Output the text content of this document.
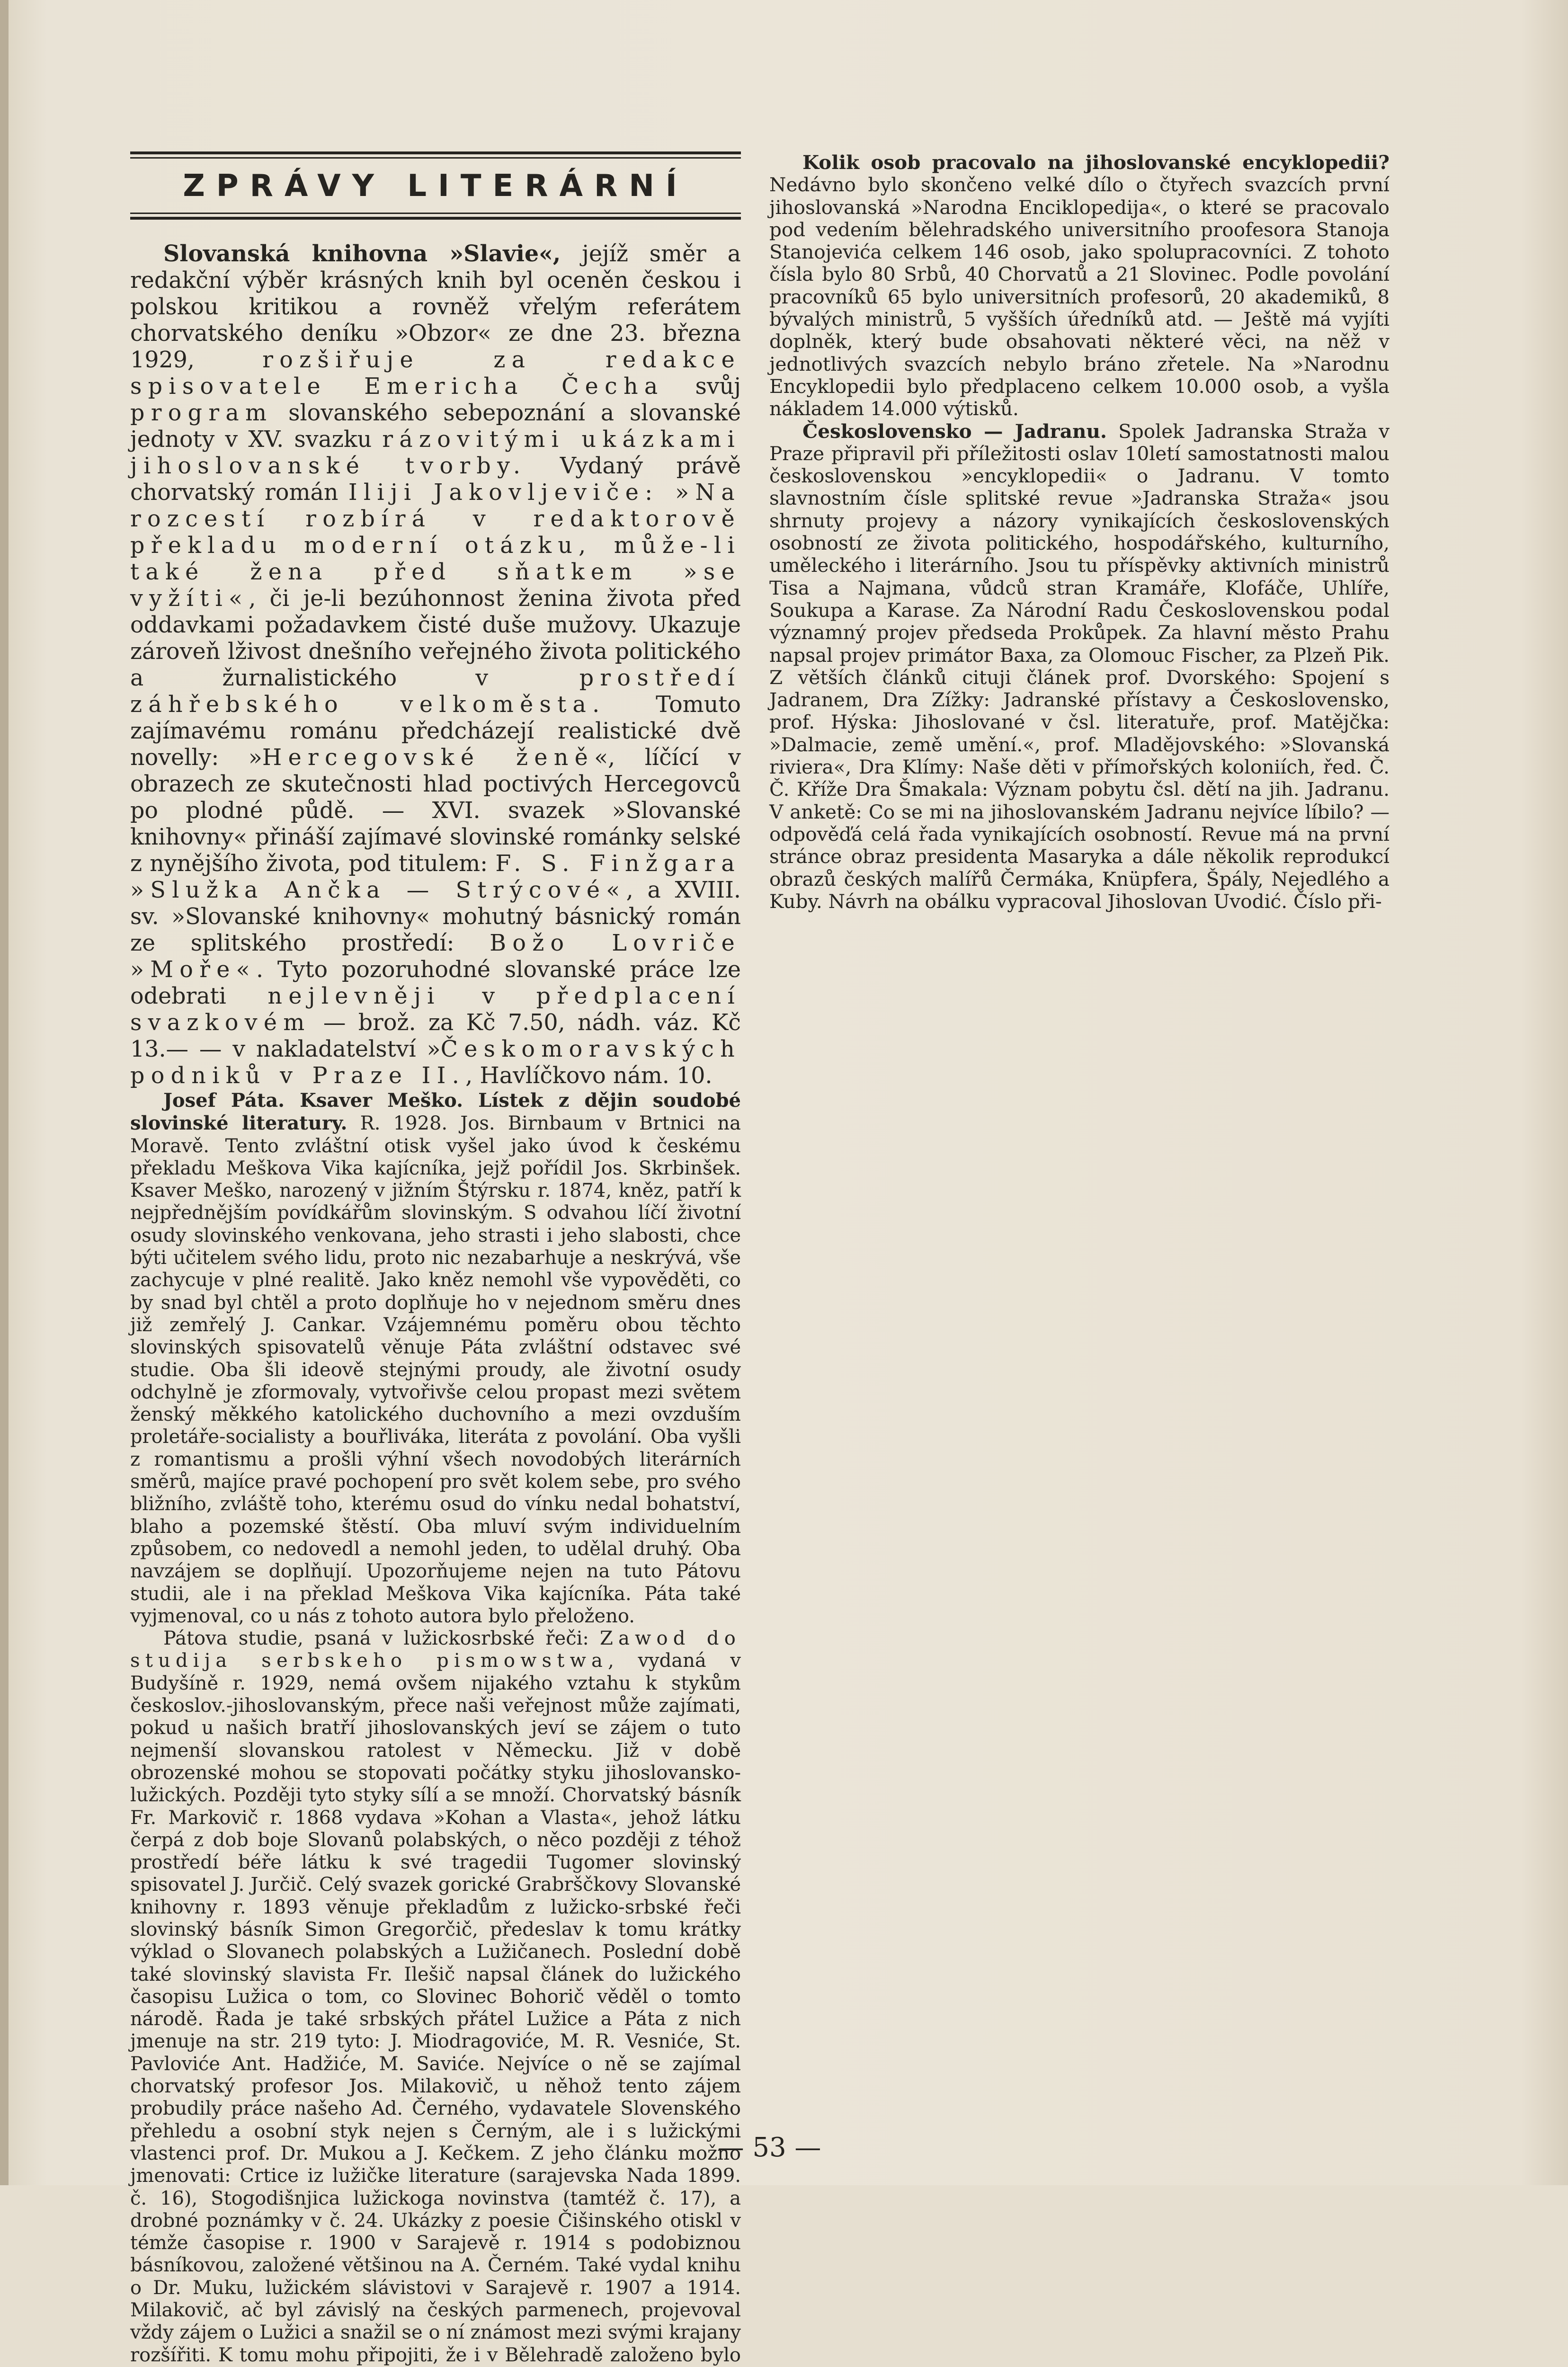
ZPRÁVY LITERÁRNÍ

Slovanská knihovna »Slavie«, jejíž směr a redakční výběr krásných knih byl oceněn českou i polskou kritikou a rovněž vřelým referátem chorvatského deníku »Obzor« ze dne 23. března 1929, rozšiřuje za redakce spisovatele Emericha Čecha svůj program slovanského sebepoznání a slovanské jednoty v XV. svazku rázovitými ukázkami jihoslovanské tvorby. Vydaný právě chorvatský román Iliji Jakovljeviče: »Na rozcestí rozbírá v redaktorově překladu moderní otázku, může-li také žena před sňatkem »se vyžíti«, či je-li bezúhonnost ženina života před oddavkami požadavkem čisté duše mužovy. Ukazuje zároveň lživost dnešního veřejného života politického a žurnalistického v prostředí záhřebského velkoměsta. Tomuto zajímavému románu předcházejí realistické dvě novelly: »Hercegovské ženě«, líčící v obrazech ze skutečnosti hlad poctivých Hercegovců po plodné půdě. — XVI. svazek »Slovanské knihovny« přináší zajímavé slovinské románky selské z nynějšího života, pod titulem: F. S. Finžgara »Služka Ančka — Strýcové«, a XVIII. sv. »Slovanské knihovny« mohutný básnický román ze splitského prostředí: Božo Lovriče »Moře«. Tyto pozoruhodné slovanské práce lze odebrati nejlevněji v předplacení svazkovém — brož. za Kč 7.50, nádh. váz. Kč 13.— — v nakladatelství »Českomoravských podniků v Praze II., Havlíčkovo nám. 10.

Josef Páta. Ksaver Meško. Lístek z dějin soudobé slovinské literatury. R. 1928. Jos. Birnbaum v Brtnici na Moravě. Tento zvláštní otisk vyšel jako úvod k českému překladu Meškova Vika kajícníka, jejž pořídil Jos. Skrbinšek. Ksaver Meško, narozený v jižním Štýrsku r. 1874, kněz, patří k nejpřednějším povídkářům slovinským. S odvahou líčí životní osudy slovinského venkovana, jeho strasti i jeho slabosti, chce býti učitelem svého lidu, proto nic nezabarhuje a neskrývá, vše zachycuje v plné realitě. Jako kněz nemohl vše vypověděti, co by snad byl chtěl a proto doplňuje ho v nejednom směru dnes již zemřelý J. Cankar. Vzájemnému poměru obou těchto slovinských spisovatelů věnuje Páta zvláštní odstavec své studie. Oba šli ideově stejnými proudy, ale životní osudy odchylně je zformovaly, vytvořivše celou propast mezi světem ženský měkkého katolického duchovního a mezi ovzduším proletáře-socialisty a bouřliváka, literáta z povolání. Oba vyšli z romantismu a prošli výhní všech novodobých literárních směrů, majíce pravé pochopení pro svět kolem sebe, pro svého bližního, zvláště toho, kterému osud do vínku nedal bohatství, blaho a pozemské štěstí. Oba mluví svým individuelním způsobem, co nedovedl a nemohl jeden, to udělal druhý. Oba navzájem se doplňují. Upozorňujeme nejen na tuto Pátovu studii, ale i na překlad Meškova Vika kajícníka. Páta také vyjmenoval, co u nás z tohoto autora bylo přeloženo.

Pátova studie, psaná v lužickosrbské řeči: Zawod do studija serbskeho pismowstwa, vydaná v Budyšíně r. 1929, nemá ovšem nijakého vztahu k stykům českoslov.-jihoslovanským, přece naši veřejnost může zajímati, pokud u našich bratří jihoslovanských jeví se zájem o tuto nejmenší slovanskou ratolest v Německu. Již v době obrozenské mohou se stopovati počátky styku jihoslovansko-lužických. Později tyto styky sílí a se množí. Chorvatský básník Fr. Markovič r. 1868 vydava »Kohan a Vlasta«, jehož látku čerpá z dob boje Slovanů polabských, o něco později z téhož prostředí béře látku k své tragedii Tugomer slovinský spisovatel J. Jurčič. Celý svazek gorické Grabrščkovy Slovanské knihovny r. 1893 věnuje překladům z lužicko-srbské řeči slovinský básník Simon Gregorčič, předeslav k tomu krátky výklad o Slovanech polabských a Lužičanech. Poslední době také slovinský slavista Fr. Ilešič napsal článek do lužického časopisu Lužica o tom, co Slovinec Bohorič věděl o tomto národě. Řada je také srbských přátel Lužice a Páta z nich jmenuje na str. 219 tyto: J. Miodragoviće, M. R. Vesniće, St. Pavloviće Ant. Hadžiće, M. Saviće. Nejvíce o ně se zajímal chorvatský profesor Jos. Milakovič, u něhož tento zájem probudily práce našeho Ad. Černého, vydavatele Slovenského přehledu a osobní styk nejen s Černým, ale i s lužickými vlastenci prof. Dr. Mukou a J. Kečkem. Z jeho článku možno jmenovati: Crtice iz lužičke literature (sarajevska Nada 1899. č. 16), Stogodišnjica lužickoga novinstva (tamtéž č. 17), a drobné poznámky v č. 24. Ukázky z poesie Čišinského otiskl v témže časopise r. 1900 v Sarajevě r. 1914 s podobiznou básníkovou, založené většinou na A. Černém. Také vydal knihu o Dr. Muku, lužickém slávistovi v Sarajevě r. 1907 a 1914. Milakovič, ač byl závislý na českých parmenech, projevoval vždy zájem o Lužici a snažil se o ní známost mezi svými krajany rozšířiti. K tomu mohu připojiti, že i v Bělehradě založeno bylo

Kolik osob pracovalo na jihoslovanské encyklopedii? Nedávno bylo skončeno velké dílo o čtyřech svazcích první jihoslovanská »Narodna Enciklopedija«, o které se pracovalo pod vedením bělehradského universitního proofesora Stanoja Stanojevića celkem 146 osob, jako spolupracovníci. Z tohoto čísla bylo 80 Srbů, 40 Chorvatů a 21 Slovinec. Podle povolání pracovníků 65 bylo universitních profesorů, 20 akademiků, 8 bývalých ministrů, 5 vyšších úředníků atd. — Ještě má vyjíti doplněk, který bude obsahovati některé věci, na něž v jednotlivých svazcích nebylo bráno zřetele. Na »Narodnu Encyklopedii bylo předplaceno celkem 10.000 osob, a vyšla nákladem 14.000 výtisků.

Československo — Jadranu. Spolek Jadranska Straža v Praze připravil při příležitosti oslav 10letí samostatnosti malou československou »encyklopedii« o Jadranu. V tomto slavnostním čísle splitské revue »Jadranska Straža« jsou shrnuty projevy a názory vynikajících československých osobností ze života politického, hospodářského, kulturního, uměleckého i literárního. Jsou tu příspěvky aktivních ministrů Tisa a Najmana, vůdců stran Kramáře, Klofáče, Uhlíře, Soukupa a Karase. Za Národní Radu Československou podal významný projev předseda Prokůpek. Za hlavní město Prahu napsal projev primátor Baxa, za Olomouc Fischer, za Plzeň Pik. Z větších článků cituji článek prof. Dvorského: Spojení s Jadranem, Dra Zížky: Jadranské přístavy a Československo, prof. Hýska: Jihoslované v čsl. literatuře, prof. Matějčka: »Dalmacie, země umění.«, prof. Mladějovského: »Slovanská riviera«, Dra Klímy: Naše děti v přímořských koloniích, řed. Č. Č. Kříže Dra Šmakala: Význam pobytu čsl. dětí na jih. Jadranu. V anketě: Co se mi na jihoslovanském Jadranu nejvíce líbilo? — odpověďá celá řada vynikajících osobností. Revue má na první stránce obraz presidenta Masaryka a dále několik reprodukcí obrazů českých malířů Čermáka, Knüpfera, Špály, Nejedlého a Kuby. Návrh na obálku vypracoval Jihoslovan Uvodić. Číslo při-

— 53 —
